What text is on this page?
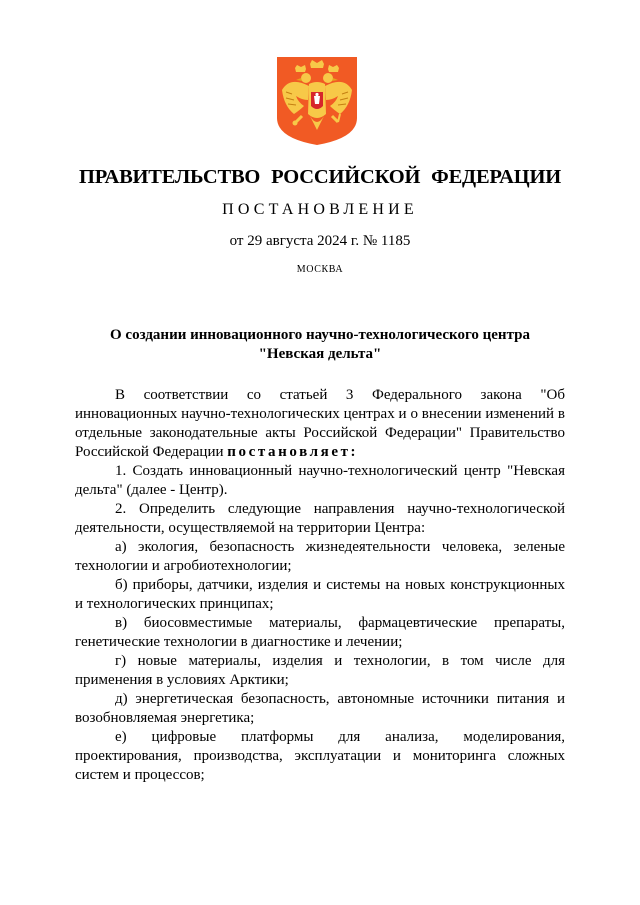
ПРАВИТЕЛЬСТВО РОССИЙСКОЙ ФЕДЕРАЦИИ
ПОСТАНОВЛЕНИЕ
от 29 августа 2024 г. № 1185
МОСКВА
О создании инновационного научно-технологического центра
"Невская дельта"

В соответствии со статьей 3 Федерального закона "Об инновационных научно-технологических центрах и о внесении изменений в отдельные законодательные акты Российской Федерации" Правительство Российской Федерации постановляет:

1. Создать инновационный научно-технологический центр "Невская дельта" (далее - Центр).

2. Определить следующие направления научно-технологической деятельности, осуществляемой на территории Центра:

а) экология, безопасность жизнедеятельности человека, зеленые технологии и агробиотехнологии;

б) приборы, датчики, изделия и системы на новых конструкционных и технологических принципах;

в) биосовместимые материалы, фармацевтические препараты, генетические технологии в диагностике и лечении;

г) новые материалы, изделия и технологии, в том числе для применения в условиях Арктики;

д) энергетическая безопасность, автономные источники питания и возобновляемая энергетика;

е) цифровые платформы для анализа, моделирования, проектирования, производства, эксплуатации и мониторинга сложных систем и процессов;
